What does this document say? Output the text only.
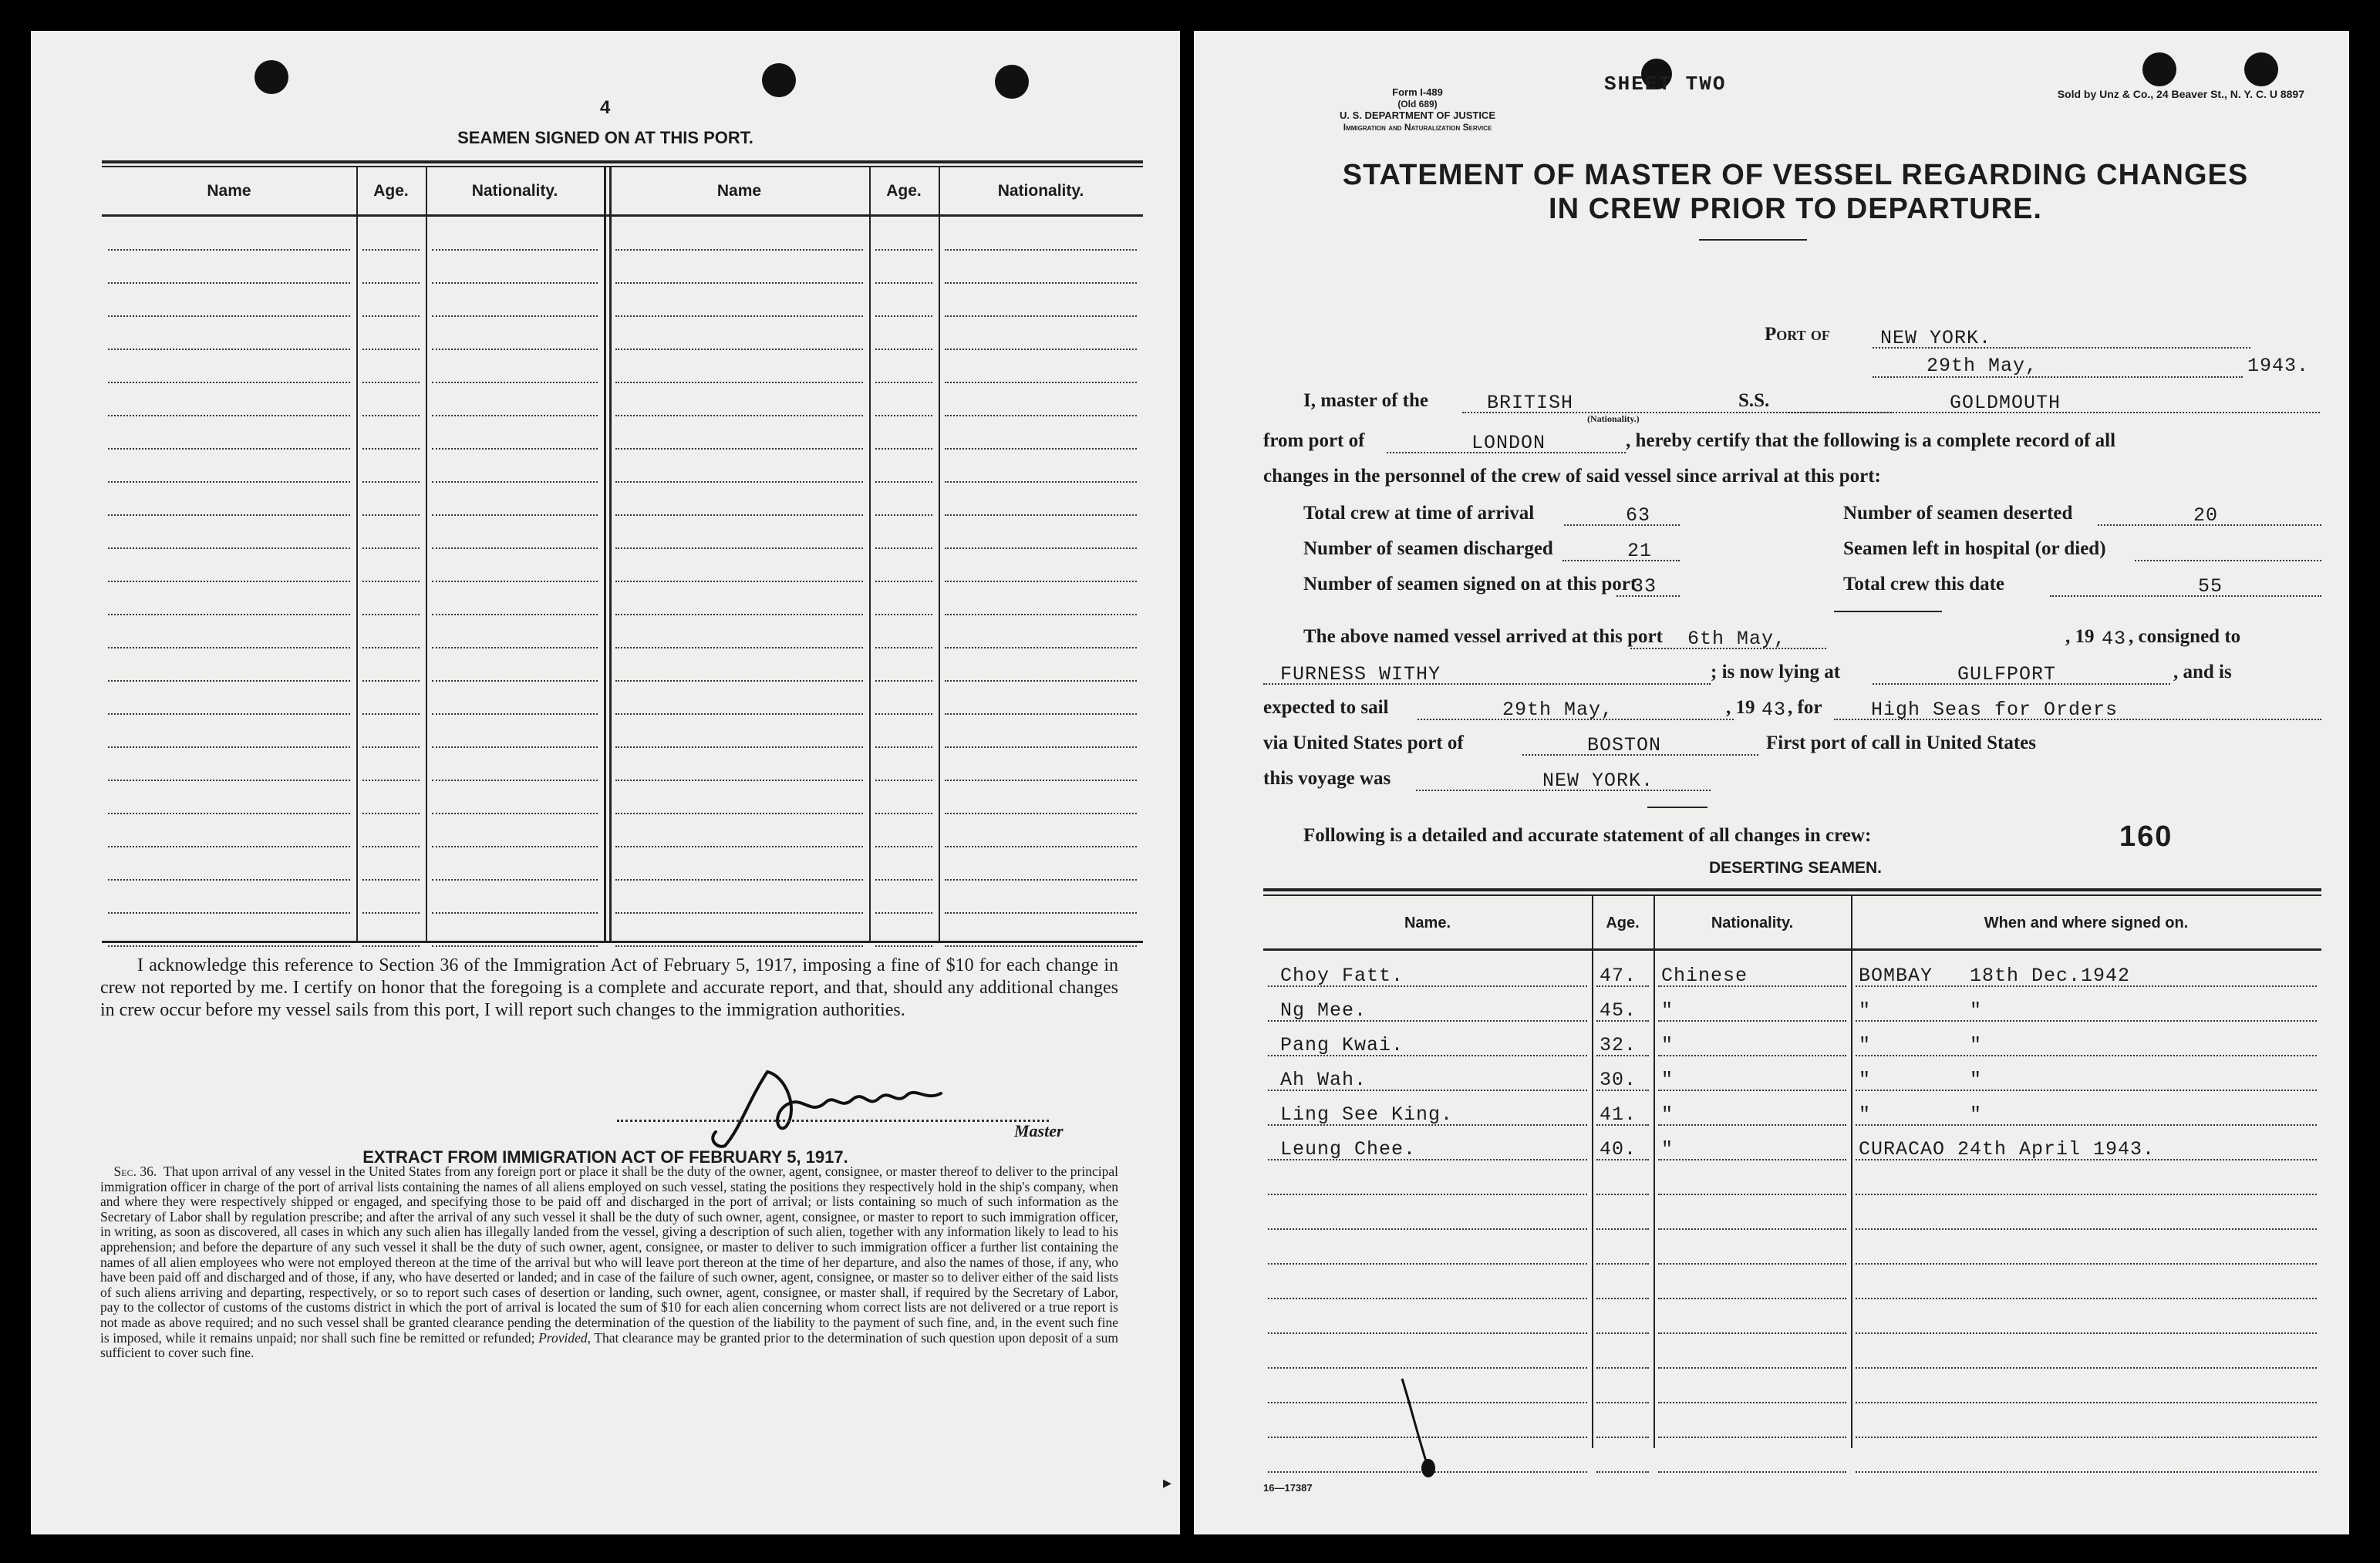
4
SEAMEN SIGNED ON AT THIS PORT.
Name	Age.	Nationality.	Name	Age.	Nationality.
  I acknowledge this reference to Section 36 of the Immigration Act of February 5, 1917, imposing a fine of $10 for each change in crew not reported by me. I certify on honor that the foregoing is a complete and accurate report, and that, should any additional changes in crew occur before my vessel sails from this port, I will report such changes to the immigration authorities.
Master
EXTRACT FROM IMMIGRATION ACT OF FEBRUARY 5, 1917.
 Sec. 36.  That upon arrival of any vessel in the United States from any foreign port or place it shall be the duty of the owner, agent, consignee, or master thereof to deliver to the principal immigration officer in charge of the port of arrival lists containing the names of all aliens employed on such vessel, stating the positions they respectively hold in the ship's company, when and where they were respectively shipped or engaged, and specifying those to be paid off and discharged in the port of arrival; or lists containing so much of such information as the Secretary of Labor shall by regulation prescribe; and after the arrival of any such vessel it shall be the duty of such owner, agent, consignee, or master to report to such immigration officer, in writing, as soon as discovered, all cases in which any such alien has illegally landed from the vessel, giving a description of such alien, together with any information likely to lead to his apprehension; and before the departure of any such vessel it shall be the duty of such owner, agent, consignee, or master to deliver to such immigration officer a further list containing the names of all alien employees who were not employed thereon at the time of the arrival but who will leave port thereon at the time of her departure, and also the names of those, if any, who have been paid off and discharged and of those, if any, who have deserted or landed; and in case of the failure of such owner, agent, consignee, or master so to deliver either of the said lists of such aliens arriving and departing, respectively, or so to report such cases of desertion or landing, such owner, agent, consignee, or master shall, if required by the Secretary of Labor, pay to the collector of customs of the customs district in which the port of arrival is located the sum of $10 for each alien concerning whom correct lists are not delivered or a true report is not made as above required; and no such vessel shall be granted clearance pending the determination of the question of the liability to the payment of such fine, and, in the event such fine is imposed, while it remains unpaid; nor shall such fine be remitted or refunded; Provided, That clearance may be granted prior to the determination of such question upon deposit of a sum sufficient to cover such fine.
▸
Form I-489
(Old 689)
U. S. DEPARTMENT OF JUSTICE
Immigration and Naturalization Service
SHEET TWO	Sold by Unz & Co., 24 Beaver St., N. Y. C. U 8897
STATEMENT OF MASTER OF VESSEL REGARDING CHANGES
IN CREW PRIOR TO DEPARTURE.
Port of	NEW YORK.
29th May,	1943.
I, master of the	BRITISH
(Nationality.)
S.S.	GOLDMOUTH
from port of	LONDON	, hereby certify that the following is a complete record of all
changes in the personnel of the crew of said vessel since arrival at this port:
Total crew at time of arrival	63	Number of seamen deserted	20
Number of seamen discharged	21	Seamen left in hospital (or died)
Number of seamen signed on at this port
33	Total crew this date	55
The above named vessel arrived at this port 6th May,	, 19 43 , consigned to
FURNESS WITHY	; is now lying at	GULFPORT	, and is
expected to sail	29th May,	, 19 43 , for	High Seas for Orders
via United States port of	BOSTON	First port of call in United States
this voyage was	NEW YORK.
Following is a detailed and accurate statement of all changes in crew:	160
DESERTING SEAMEN.
Name.	Age.	Nationality.	When and where signed on.
Choy Fatt.	47. Chinese	BOMBAY   18th Dec.1942
Ng Mee.	45. "	"        "
Pang Kwai.	32. "	"        "
Ah Wah.	30. "	"        "
Ling See King.	41. "	"        "
Leung Chee.	40. "	CURACAO 24th April 1943.
16—17387
